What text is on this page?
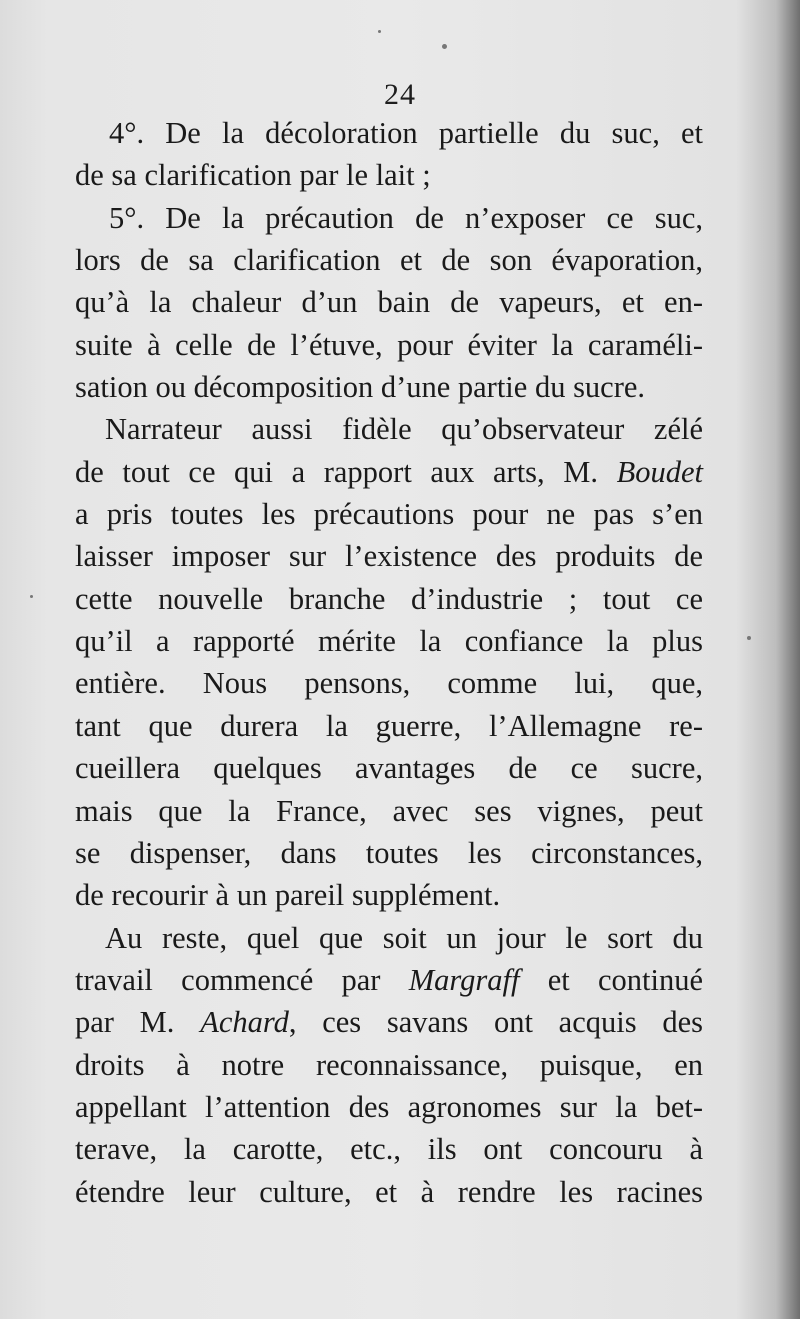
24
4°. De la décoloration partielle du suc, et
de sa clarification par le lait ;
5°. De la précaution de n’exposer ce suc,
lors de sa clarification et de son évaporation,
qu’à la chaleur d’un bain de vapeurs, et en-
suite à celle de l’étuve, pour éviter la caraméli-
sation ou décomposition d’une partie du sucre.
Narrateur aussi fidèle qu’observateur zélé
de tout ce qui a rapport aux arts, M. Boudet
a pris toutes les précautions pour ne pas s’en
laisser imposer sur l’existence des produits de
cette nouvelle branche d’industrie ; tout ce
qu’il a rapporté mérite la confiance la plus
entière. Nous pensons, comme lui, que,
tant que durera la guerre, l’Allemagne re-
cueillera quelques avantages de ce sucre,
mais que la France, avec ses vignes, peut
se dispenser, dans toutes les circonstances,
de recourir à un pareil supplément.
Au reste, quel que soit un jour le sort du
travail commencé par Margraff et continué
par M. Achard, ces savans ont acquis des
droits à notre reconnaissance, puisque, en
appellant l’attention des agronomes sur la bet-
terave, la carotte, etc., ils ont concouru à
étendre leur culture, et à rendre les racines
